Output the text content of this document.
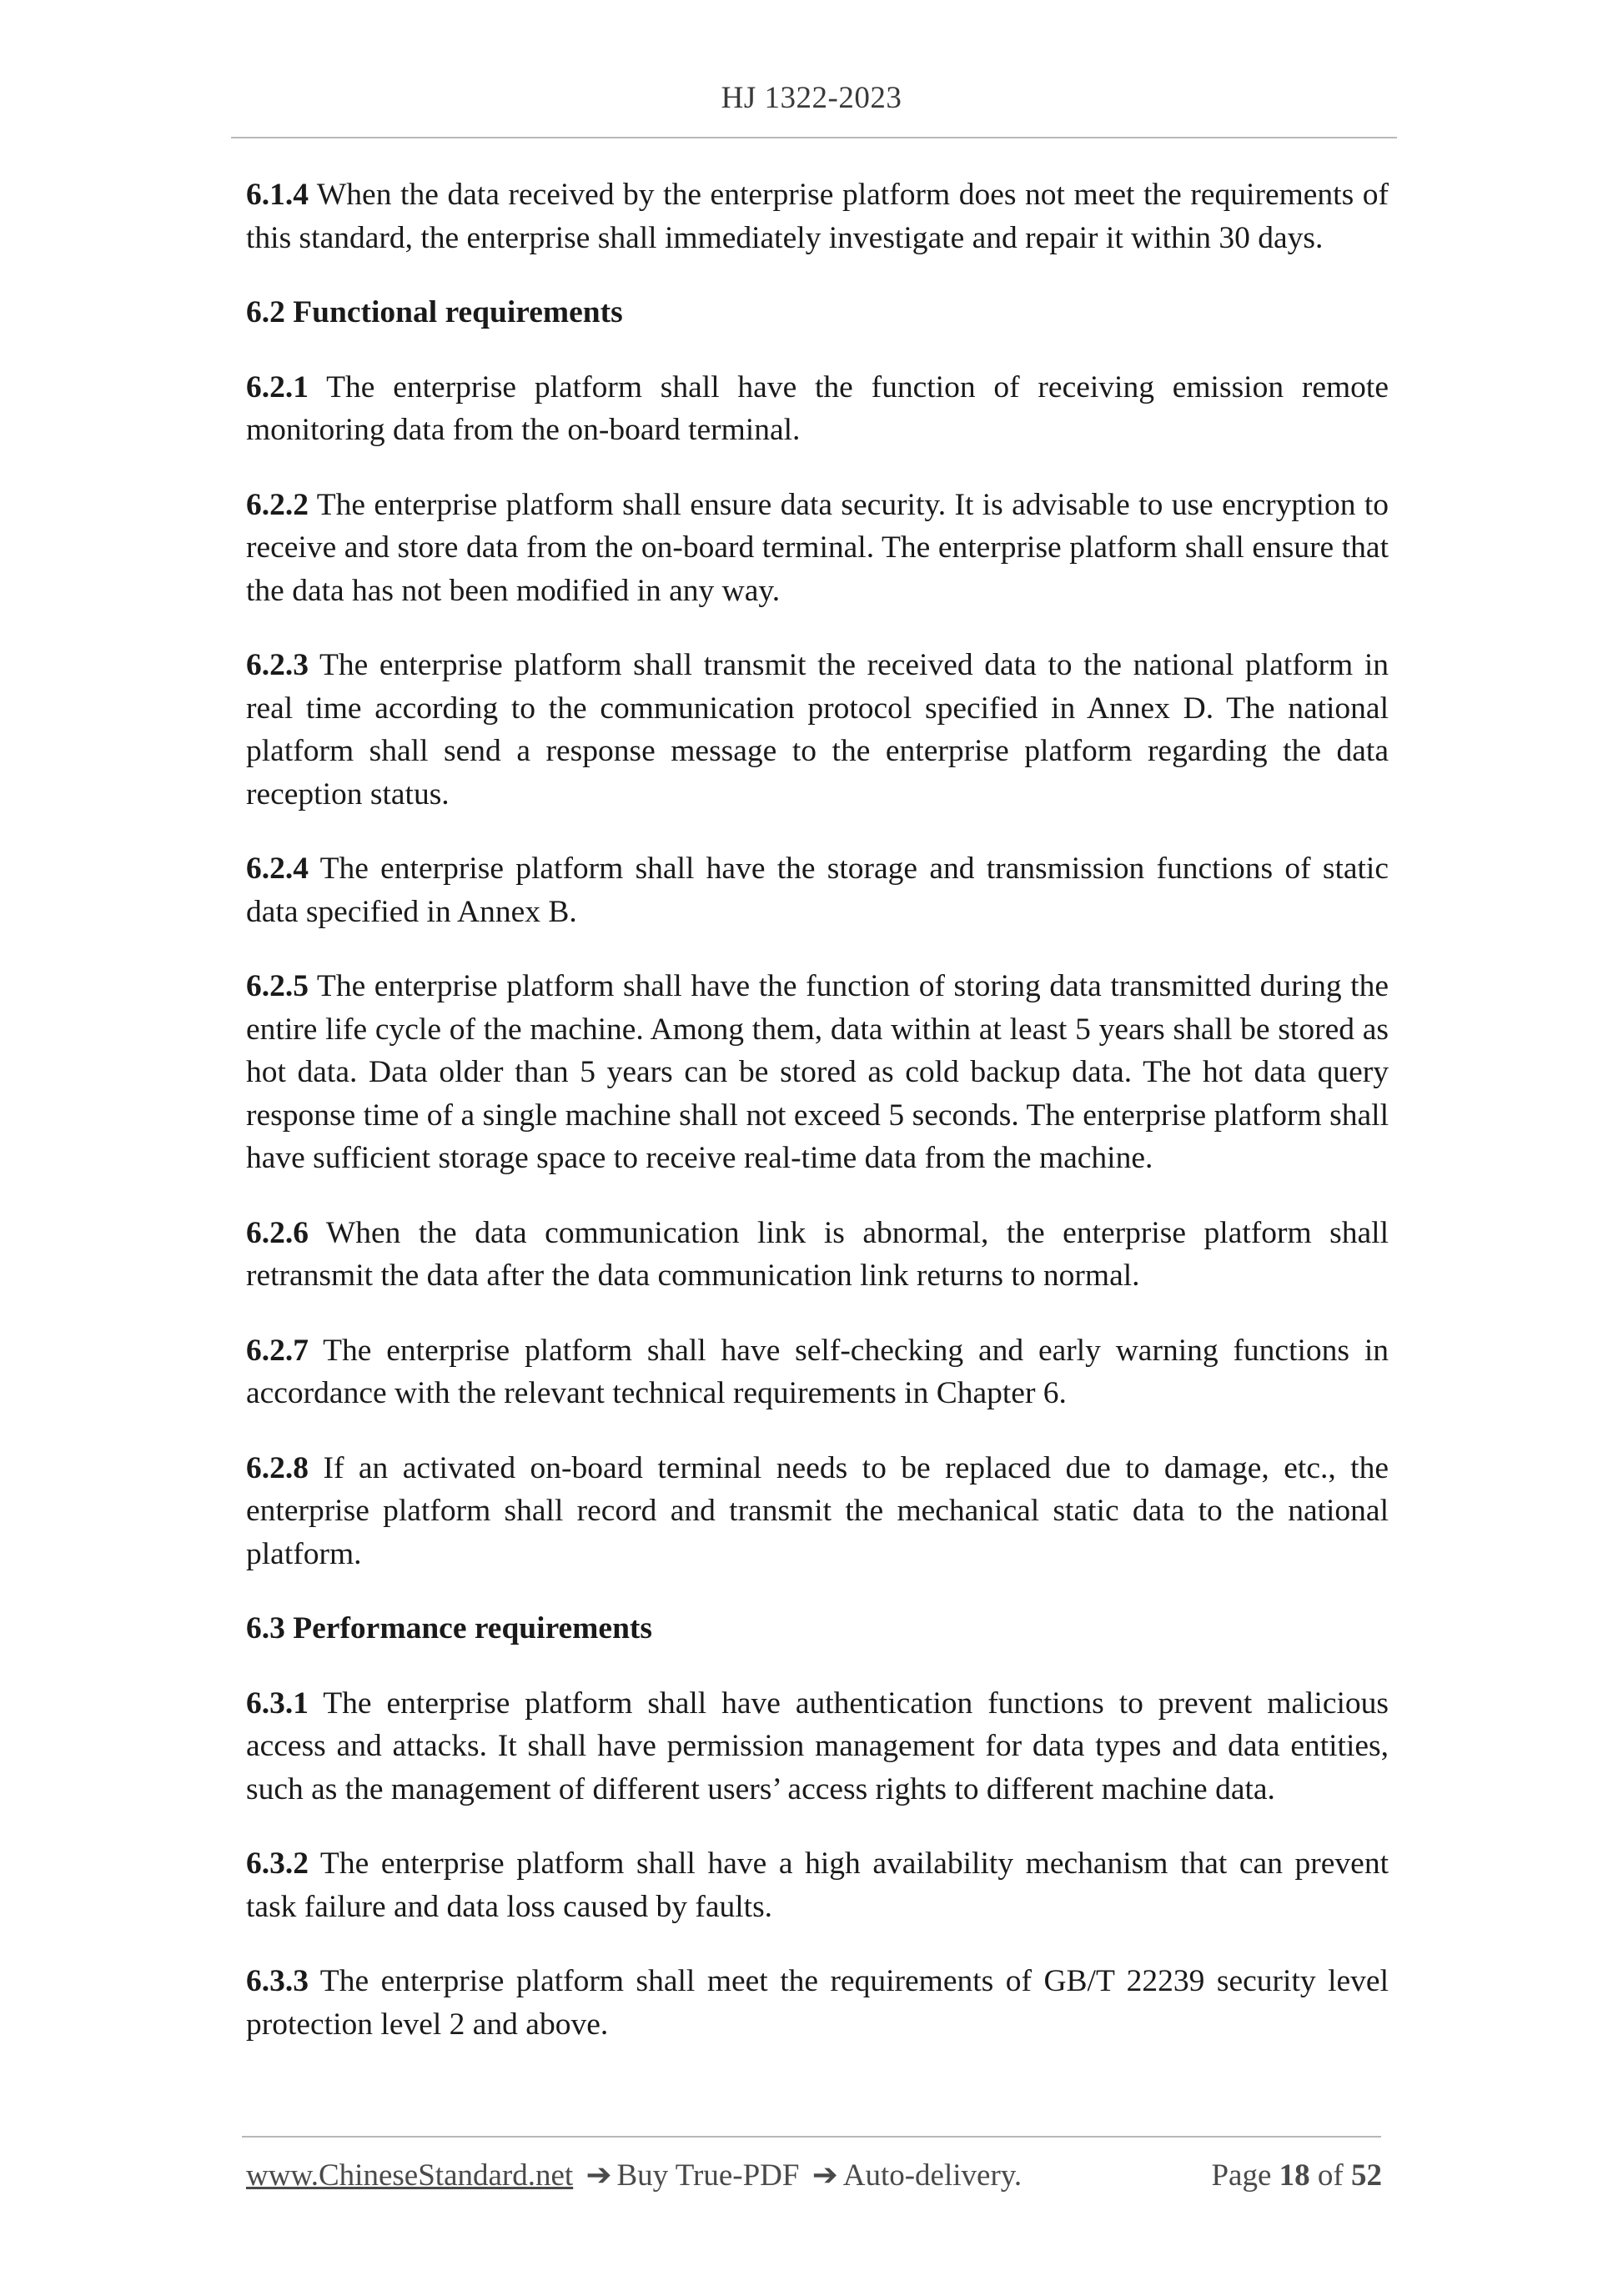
HJ 1322-2023

6.1.4 When the data received by the enterprise platform does not meet the requirements of this standard, the enterprise shall immediately investigate and repair it within 30 days.

6.2 Functional requirements

6.2.1 The enterprise platform shall have the function of receiving emission remote monitoring data from the on-board terminal.

6.2.2 The enterprise platform shall ensure data security. It is advisable to use encryption to receive and store data from the on-board terminal. The enterprise platform shall ensure that the data has not been modified in any way.

6.2.3 The enterprise platform shall transmit the received data to the national platform in real time according to the communication protocol specified in Annex D. The national platform shall send a response message to the enterprise platform regarding the data reception status.

6.2.4 The enterprise platform shall have the storage and transmission functions of static data specified in Annex B.

6.2.5 The enterprise platform shall have the function of storing data transmitted during the entire life cycle of the machine. Among them, data within at least 5 years shall be stored as hot data. Data older than 5 years can be stored as cold backup data. The hot data query response time of a single machine shall not exceed 5 seconds. The enterprise platform shall have sufficient storage space to receive real-time data from the machine.

6.2.6 When the data communication link is abnormal, the enterprise platform shall retransmit the data after the data communication link returns to normal.

6.2.7 The enterprise platform shall have self-checking and early warning functions in accordance with the relevant technical requirements in Chapter 6.

6.2.8 If an activated on-board terminal needs to be replaced due to damage, etc., the enterprise platform shall record and transmit the mechanical static data to the national platform.

6.3 Performance requirements

6.3.1 The enterprise platform shall have authentication functions to prevent malicious access and attacks. It shall have permission management for data types and data entities, such as the management of different users’ access rights to different machine data.

6.3.2 The enterprise platform shall have a high availability mechanism that can prevent task failure and data loss caused by faults.

6.3.3 The enterprise platform shall meet the requirements of GB/T 22239 security level protection level 2 and above.

www.ChineseStandard.net ➔ Buy True-PDF ➔ Auto-delivery.	Page 18 of 52
